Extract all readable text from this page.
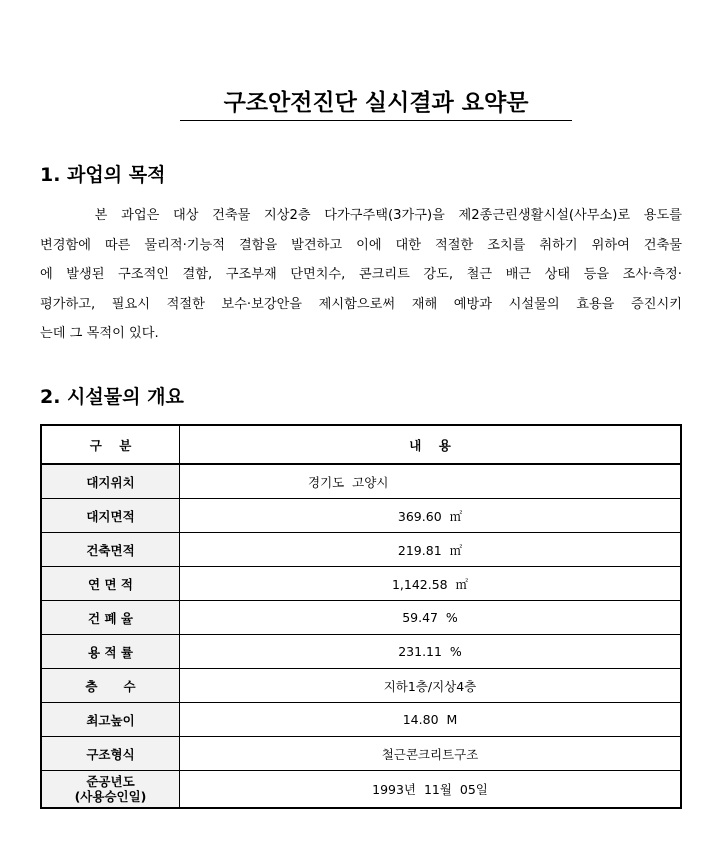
구조안전진단 실시결과 요약문
1. 과업의 목적
본 과업은 대상 건축물 지상2층 다가구주택(3가구)을 제2종근린생활시설(사무소)로 용도를
변경함에 따른 물리적·기능적 결함을 발견하고 이에 대한 적절한 조치를 취하기 위하여 건축물
에 발생된 구조적인 결함, 구조부재 단면치수, 콘크리트 강도, 철근 배근 상태 등을 조사·측정·
평가하고, 필요시 적절한 보수·보강안을 제시함으로써 재해 예방과 시설물의 효용을 증진시키
는데 그 목적이 있다.
2. 시설물의 개요
구    분	내    용
대지위치	경기도  고양시
대지면적	369.60  ㎡
건축면적	219.81  ㎡
연 면 적	1,142.58  ㎡
건 폐 율	59.47  %
용 적 률	231.11  %
층      수	지하1층/지상4층
최고높이	14.80  M
구조형식	철근콘크리트구조

준공년도
(사용승인일)	1993년  11월  05일
